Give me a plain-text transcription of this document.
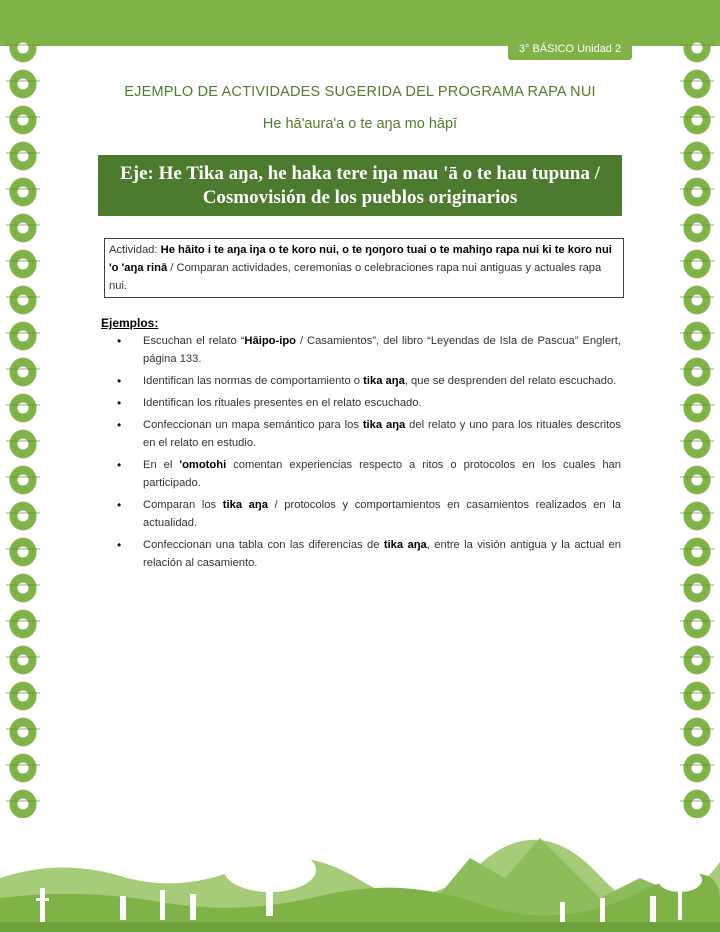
3° BÁSICO Unidad 2
EJEMPLO DE ACTIVIDADES SUGERIDA DEL PROGRAMA RAPA NUI
He hā'aura'a o te aŋa mo hāpī
Eje: He Tika aŋa, he haka tere iŋa mau 'ā o te hau tupuna /
Cosmovisión de los pueblos originarios
Actividad: He hāito i te aŋa iŋa o te koro nui, o te ŋoŋoro tuai o te mahiŋo rapa nui ki te koro nui 'o 'aŋa rinā / Comparan actividades, ceremonias o celebraciones rapa nui antiguas y actuales rapa nui.
Ejemplos:
• Escuchan el relato “Hāipo-ipo / Casamientos”, del libro “Leyendas de Isla de Pascua” Englert, página 133.
• Identifican las normas de comportamiento o tika aŋa, que se desprenden del relato escuchado.
• Identifican los rituales presentes en el relato escuchado.
• Confeccionan un mapa semántico para los tika aŋa del relato y uno para los rituales descritos en el relato en estudio.
• En el 'omotohi comentan experiencias respecto a ritos o protocolos en los cuales han participado.
• Comparan los tika aŋa / protocolos y comportamientos en casamientos realizados en la actualidad.
• Confeccionan una tabla con las diferencias de tika aŋa, entre la visión antigua y la actual en relación al casamiento.
